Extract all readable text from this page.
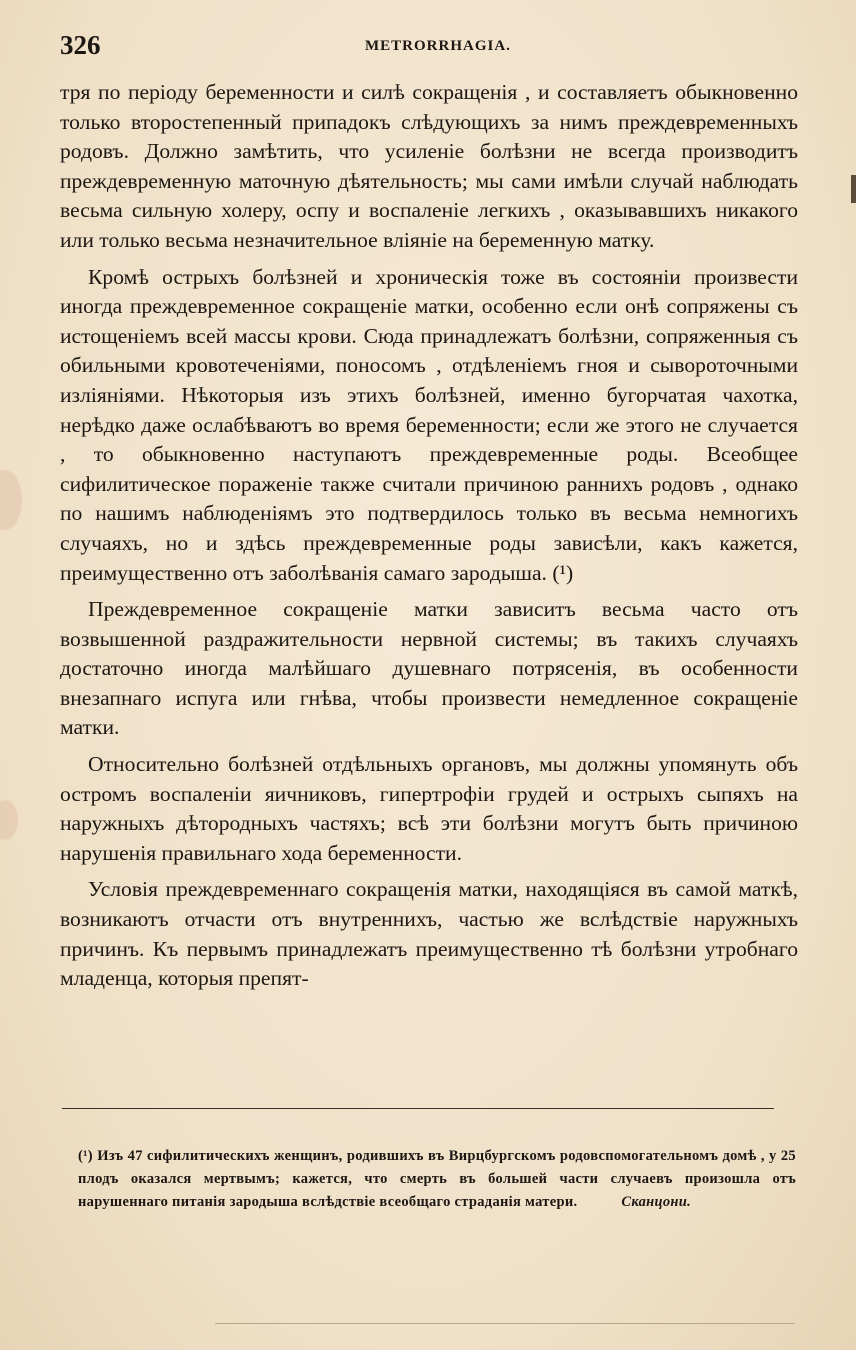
326	METRORRHAGIA.

тря по періоду беременности и силѣ сокращенія , и составляетъ обыкновенно только второстепенный припадокъ слѣдующихъ за нимъ преждевременныхъ родовъ. Должно замѣтить, что усиленіе болѣзни не всегда производитъ преждевременную маточную дѣятельность; мы сами имѣли случай наблюдать весьма сильную холеру, оспу и воспаленіе легкихъ , оказывавшихъ никакого или только весьма незначительное вліяніе на беременную матку.

Кромѣ острыхъ болѣзней и хроническія тоже въ состояніи произвести иногда преждевременное сокращеніе матки, особенно если онѣ сопряжены съ истощеніемъ всей массы крови. Сюда принадлежатъ болѣзни, сопряженныя съ обильными кровотеченіями, поносомъ , отдѣленіемъ гноя и сывороточными изліяніями. Нѣкоторыя изъ этихъ болѣзней, именно бугорчатая чахотка, нерѣдко даже ослабѣваютъ во время беременности; если же этого не случается , то обыкновенно наступаютъ преждевременные роды. Всеобщее сифилитическое пораженіе также считали причиною раннихъ родовъ , однако по нашимъ наблюденіямъ это подтвердилось только въ весьма немногихъ случаяхъ, но и здѣсь преждевременные роды зависѣли, какъ кажется, преимущественно отъ заболѣванія самаго зародыша. (¹)

Преждевременное сокращеніе матки зависитъ весьма часто отъ возвышенной раздражительности нервной системы; въ такихъ случаяхъ достаточно иногда малѣйшаго душевнаго потрясенія, въ особенности внезапнаго испуга или гнѣва, чтобы произвести немедленное сокращеніе матки.

Относительно болѣзней отдѣльныхъ органовъ, мы должны упомянуть объ остромъ воспаленіи яичниковъ, гипертрофіи грудей и острыхъ сыпяхъ на наружныхъ дѣтородныхъ частяхъ; всѣ эти болѣзни могутъ быть причиною нарушенія правильнаго хода беременности.

Условія преждевременнаго сокращенія матки, находящіяся въ самой маткѣ, возникаютъ отчасти отъ внутреннихъ, частью же вслѣдствіе наружныхъ причинъ. Къ первымъ принадлежатъ преимущественно тѣ болѣзни утробнаго младенца, которыя препят-

(¹) Изъ 47 сифилитическихъ женщинъ, родившихъ въ Вирцбургскомъ родовспомогательномъ домѣ , у 25 плодъ оказался мертвымъ; кажется, что смерть въ большей части случаевъ произошла отъ нарушеннаго питанія зародыша вслѣдствіе всеобщаго страданія матери.	Сканцони.
